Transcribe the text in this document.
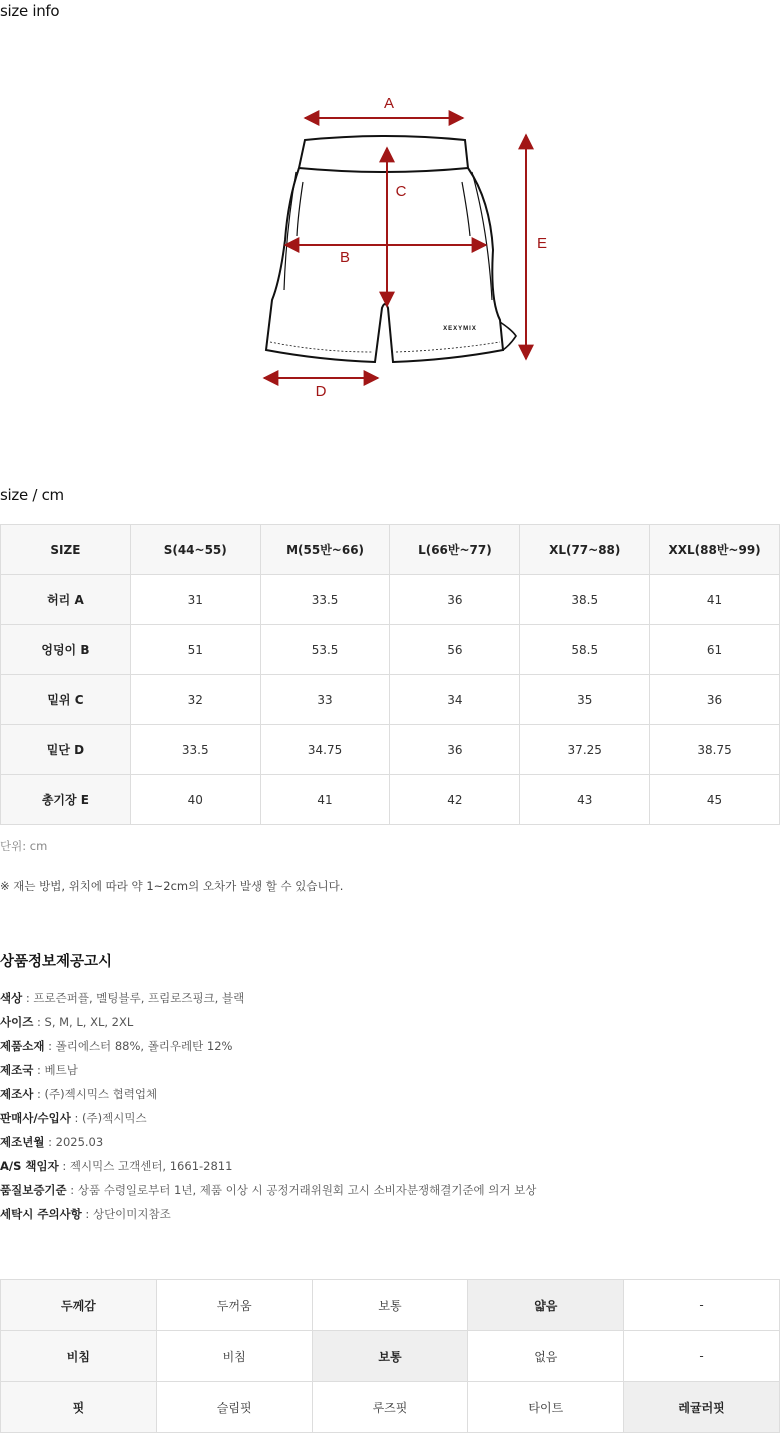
size info
XEXYMIX
A
B
C
D
E
size / cm
SIZE	S(44~55)	M(55반~66)	L(66반~77)	XL(77~88)	XXL(88반~99)
허리 A	31	33.5	36	38.5	41
엉덩이 B	51	53.5	56	58.5	61
밑위 C	32	33	34	35	36
밑단 D	33.5	34.75	36	37.25	38.75
총기장 E	40	41	42	43	45
단위: cm
※ 재는 방법, 위치에 따라 약 1~2cm의 오차가 발생 할 수 있습니다.
상품정보제공고시
색상 : 프로즌퍼플, 멜팅블루, 프림로즈핑크, 블랙
사이즈 : S, M, L, XL, 2XL
제품소재 : 폴리에스터 88%, 폴리우레탄 12%
제조국 : 베트남
제조사 : (주)젝시믹스 협력업체
판매사/수입사 : (주)젝시믹스
제조년월 : 2025.03
A/S 책임자 : 젝시믹스 고객센터, 1661-2811
품질보증기준 : 상품 수령일로부터 1년, 제품 이상 시 공정거래위원회 고시 소비자분쟁해결기준에 의거 보상
세탁시 주의사항 : 상단이미지참조
두께감	두꺼움	보통	얇음	-
비침	비침	보통	없음	-
핏	슬림핏	루즈핏	타이트	레귤러핏
